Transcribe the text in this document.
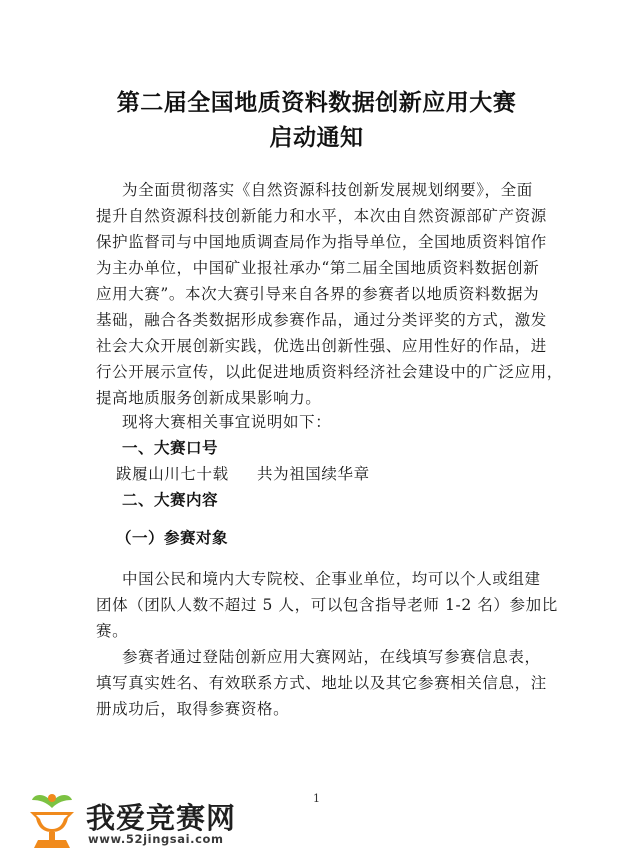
第二届全国地质资料数据创新应用大赛
启动通知
为全面贯彻落实《自然资源科技创新发展规划纲要》，全面
提升自然资源科技创新能力和水平，本次由自然资源部矿产资源
保护监督司与中国地质调查局作为指导单位，全国地质资料馆作
为主办单位，中国矿业报社承办“第二届全国地质资料数据创新
应用大赛”。本次大赛引导来自各界的参赛者以地质资料数据为
基础，融合各类数据形成参赛作品，通过分类评奖的方式，激发
社会大众开展创新实践，优选出创新性强、应用性好的作品，进
行公开展示宣传，以此促进地质资料经济社会建设中的广泛应用，
提高地质服务创新成果影响力。
现将大赛相关事宜说明如下：
一、大赛口号
跋履山川七十载 共为祖国续华章
二、大赛内容
（一）参赛对象
中国公民和境内大专院校、企事业单位，均可以个人或组建
团体（团队人数不超过 5 人，可以包含指导老师 1-2 名）参加比
赛。
参赛者通过登陆创新应用大赛网站，在线填写参赛信息表，
填写真实姓名、有效联系方式、地址以及其它参赛相关信息，注
册成功后，取得参赛资格。
1
我爱竞赛网
www.52jingsai.com
